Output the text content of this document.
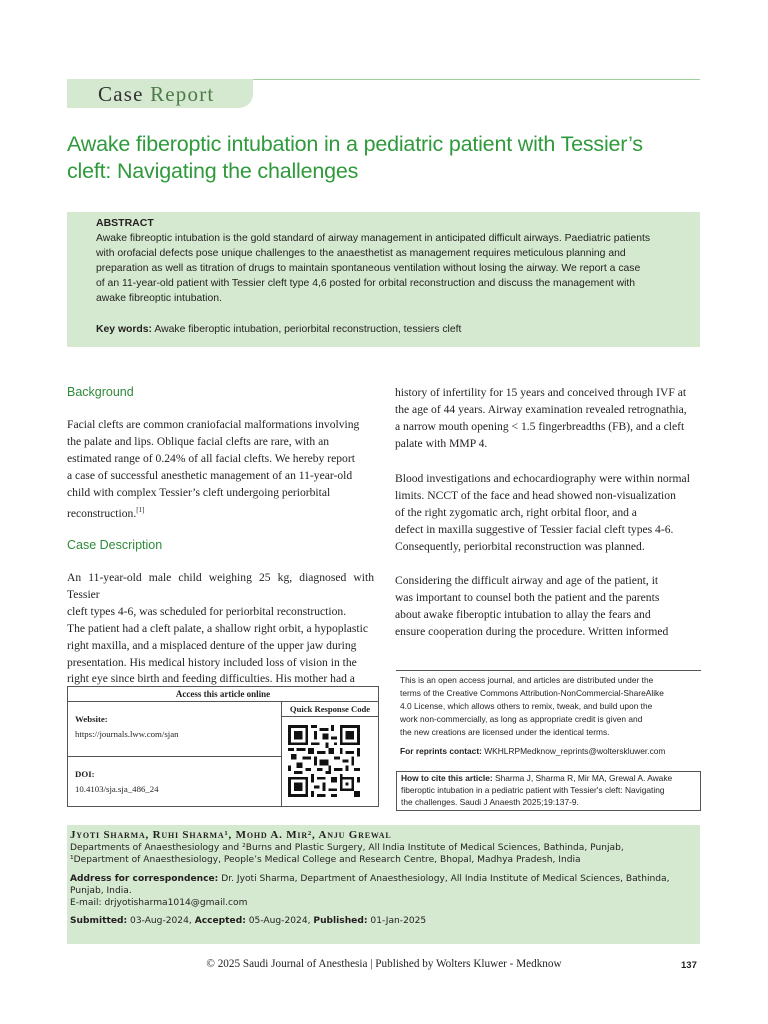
Case Report
Awake fiberoptic intubation in a pediatric patient with Tessier’s
cleft: Navigating the challenges
ABSTRACT
Awake fibreoptic intubation is the gold standard of airway management in anticipated difficult airways. Paediatric patients
with orofacial defects pose unique challenges to the anaesthetist as management requires meticulous planning and
preparation as well as titration of drugs to maintain spontaneous ventilation without losing the airway. We report a case
of an 11-year-old patient with Tessier cleft type 4,6 posted for orbital reconstruction and discuss the management with
awake fibreoptic intubation.
Key words: Awake fiberoptic intubation, periorbital reconstruction, tessiers cleft
Background
Facial clefts are common craniofacial malformations involving
the palate and lips. Oblique facial clefts are rare, with an
estimated range of 0.24% of all facial clefts. We hereby report
a case of successful anesthetic management of an 11-year-old
child with complex Tessier’s cleft undergoing periorbital
reconstruction.[1]
Case Description
An 11-year-old male child weighing 25 kg, diagnosed with Tessier
cleft types 4-6, was scheduled for periorbital reconstruction.
The patient had a cleft palate, a shallow right orbit, a hypoplastic
right maxilla, and a misplaced denture of the upper jaw during
presentation. His medical history included loss of vision in the
right eye since birth and feeding difficulties. His mother had a
history of infertility for 15 years and conceived through IVF at
the age of 44 years. Airway examination revealed retrognathia,
a narrow mouth opening < 1.5 fingerbreadths (FB), and a cleft
palate with MMP 4.
Blood investigations and echocardiography were within normal
limits. NCCT of the face and head showed non-visualization
of the right zygomatic arch, right orbital floor, and a
defect in maxilla suggestive of Tessier facial cleft types 4-6.
Consequently, periorbital reconstruction was planned.
Considering the difficult airway and age of the patient, it
was important to counsel both the patient and the parents
about awake fiberoptic intubation to allay the fears and
ensure cooperation during the procedure. Written informed
Access this article online
Website:
https://journals.lww.com/sjan
DOI:
10.4103/sja.sja_486_24
Quick Response Code
This is an open access journal, and articles are distributed under the
terms of the Creative Commons Attribution-NonCommercial-ShareAlike
4.0 License, which allows others to remix, tweak, and build upon the
work non-commercially, as long as appropriate credit is given and
the new creations are licensed under the identical terms.
For reprints contact: WKHLRPMedknow_reprints@wolterskluwer.com
How to cite this article: Sharma J, Sharma R, Mir MA, Grewal A. Awake
fiberoptic intubation in a pediatric patient with Tessier's cleft: Navigating
the challenges. Saudi J Anaesth 2025;19:137-9.
Jyoti Sharma, Ruhi Sharma¹, Mohd A. Mir², Anju Grewal
Departments of Anaesthesiology and ²Burns and Plastic Surgery, All India Institute of Medical Sciences, Bathinda, Punjab,
¹Department of Anaesthesiology, People’s Medical College and Research Centre, Bhopal, Madhya Pradesh, India
Address for correspondence: Dr. Jyoti Sharma, Department of Anaesthesiology, All India Institute of Medical Sciences, Bathinda,
Punjab, India.
E-mail: drjyotisharma1014@gmail.com
Submitted: 03-Aug-2024, Accepted: 05-Aug-2024, Published: 01-Jan-2025
© 2025 Saudi Journal of Anesthesia | Published by Wolters Kluwer - Medknow	137
